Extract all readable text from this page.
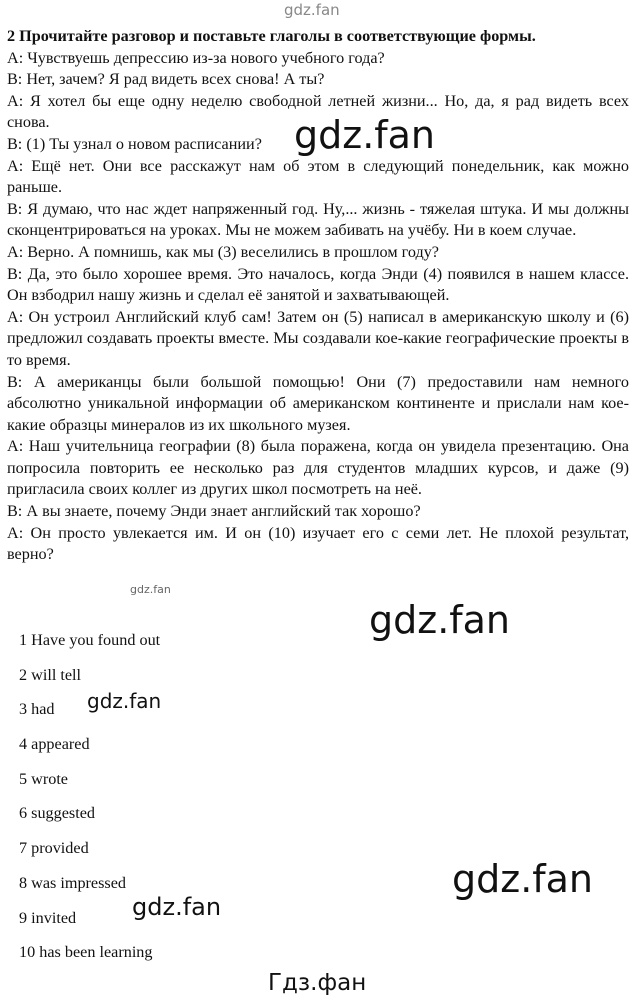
2 Прочитайте разговор и поставьте глаголы в соответствующие формы.
А: Чувствуешь депрессию из-за нового учебного года?
В: Нет, зачем? Я рад видеть всех снова! А ты?
А: Я хотел бы еще одну неделю свободной летней жизни... Но, да, я рад видеть всех снова.
В: (1) Ты узнал о новом расписании?
А: Ещё нет. Они все расскажут нам об этом в следующий понедельник, как можно раньше.
В: Я думаю, что нас ждет напряженный год. Ну,... жизнь - тяжелая штука. И мы должны сконцентрироваться на уроках. Мы не можем забивать на учёбу. Ни в коем случае.
А: Верно. А помнишь, как мы (3) веселились в прошлом году?
В: Да, это было хорошее время. Это началось, когда Энди (4) появился в нашем классе. Он взбодрил нашу жизнь и сделал её занятой и захватывающей.
А: Он устроил Английский клуб сам! Затем он (5) написал в американскую школу и (6) предложил создавать проекты вместе. Мы создавали кое-какие географические проекты в то время.
В: А американцы были большой помощью! Они (7) предоставили нам немного абсолютно уникальной информации об американском континенте и прислали нам кое-какие образцы минералов из их школьного музея.
А: Наш учительница географии (8) была поражена, когда он увидела презентацию. Она попросила повторить ее несколько раз для студентов младших курсов, и даже (9) пригласила своих коллег из других школ посмотреть на неё.
В: А вы знаете, почему Энди знает английский так хорошо?
А: Он просто увлекается им. И он (10) изучает его с семи лет. Не плохой результат, верно?
1 Have you found out
2 will tell
3 had
4 appeared
5 wrote
6 suggested
7 provided
8 was impressed
9 invited
10 has been learning
gdz.fan
gdz.fan
gdz.fan
gdz.fan
gdz.fan
gdz.fan
gdz.fan
Гдз.фан
